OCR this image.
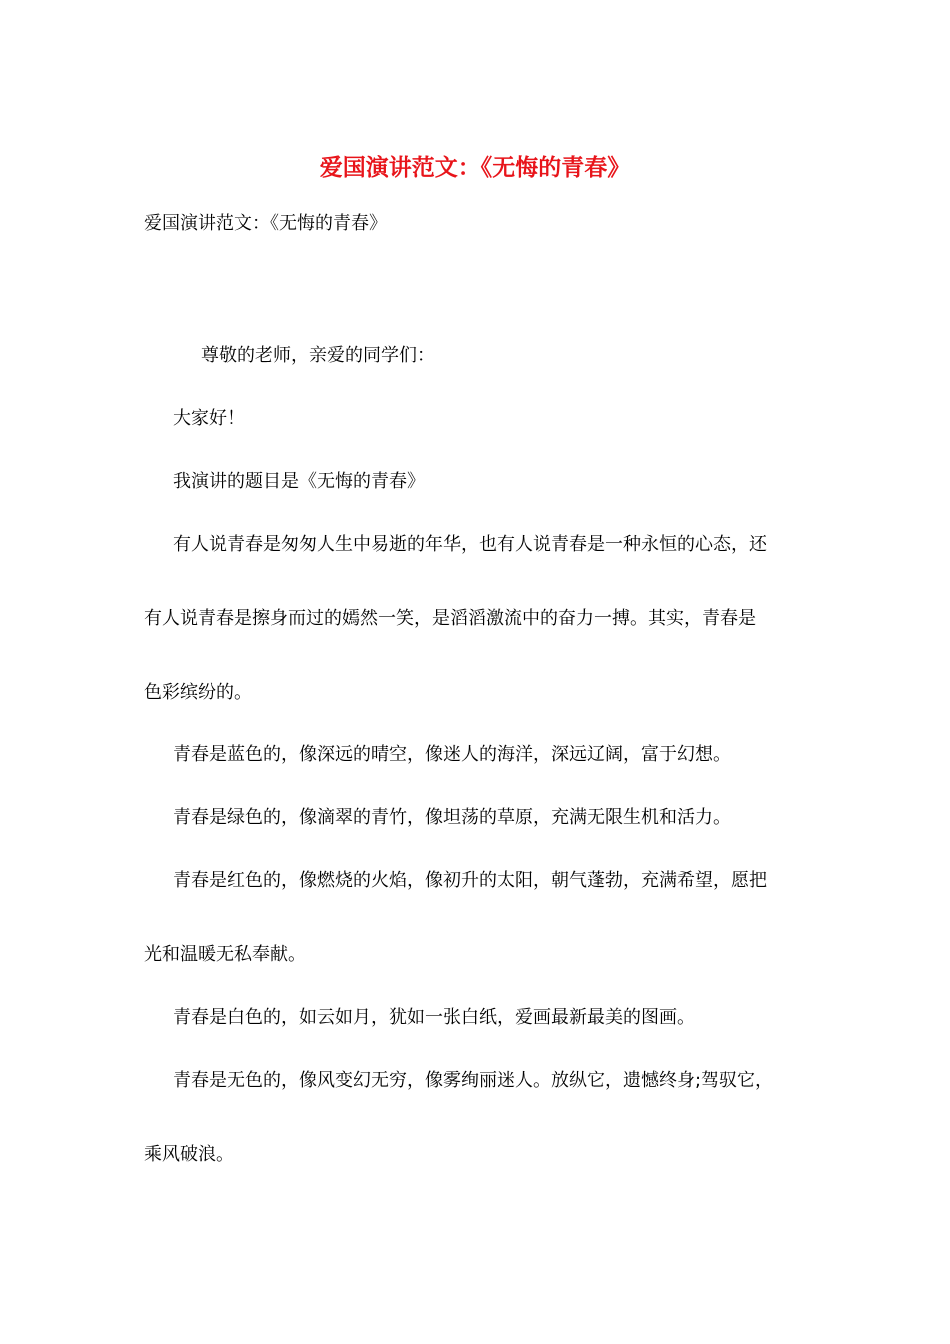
爱国演讲范文：《无悔的青春》
爱国演讲范文：《无悔的青春》
尊敬的老师，亲爱的同学们：
大家好！
我演讲的题目是《无悔的青春》
有人说青春是匆匆人生中易逝的年华，也有人说青春是一种永恒的心态，还
有人说青春是擦身而过的嫣然一笑，是滔滔激流中的奋力一搏。其实，青春是
色彩缤纷的。
青春是蓝色的，像深远的晴空，像迷人的海洋，深远辽阔，富于幻想。
青春是绿色的，像滴翠的青竹，像坦荡的草原，充满无限生机和活力。
青春是红色的，像燃烧的火焰，像初升的太阳，朝气蓬勃，充满希望，愿把
光和温暖无私奉献。
青春是白色的，如云如月，犹如一张白纸，爱画最新最美的图画。
青春是无色的，像风变幻无穷，像雾绚丽迷人。放纵它，遗憾终身;驾驭它，
乘风破浪。
